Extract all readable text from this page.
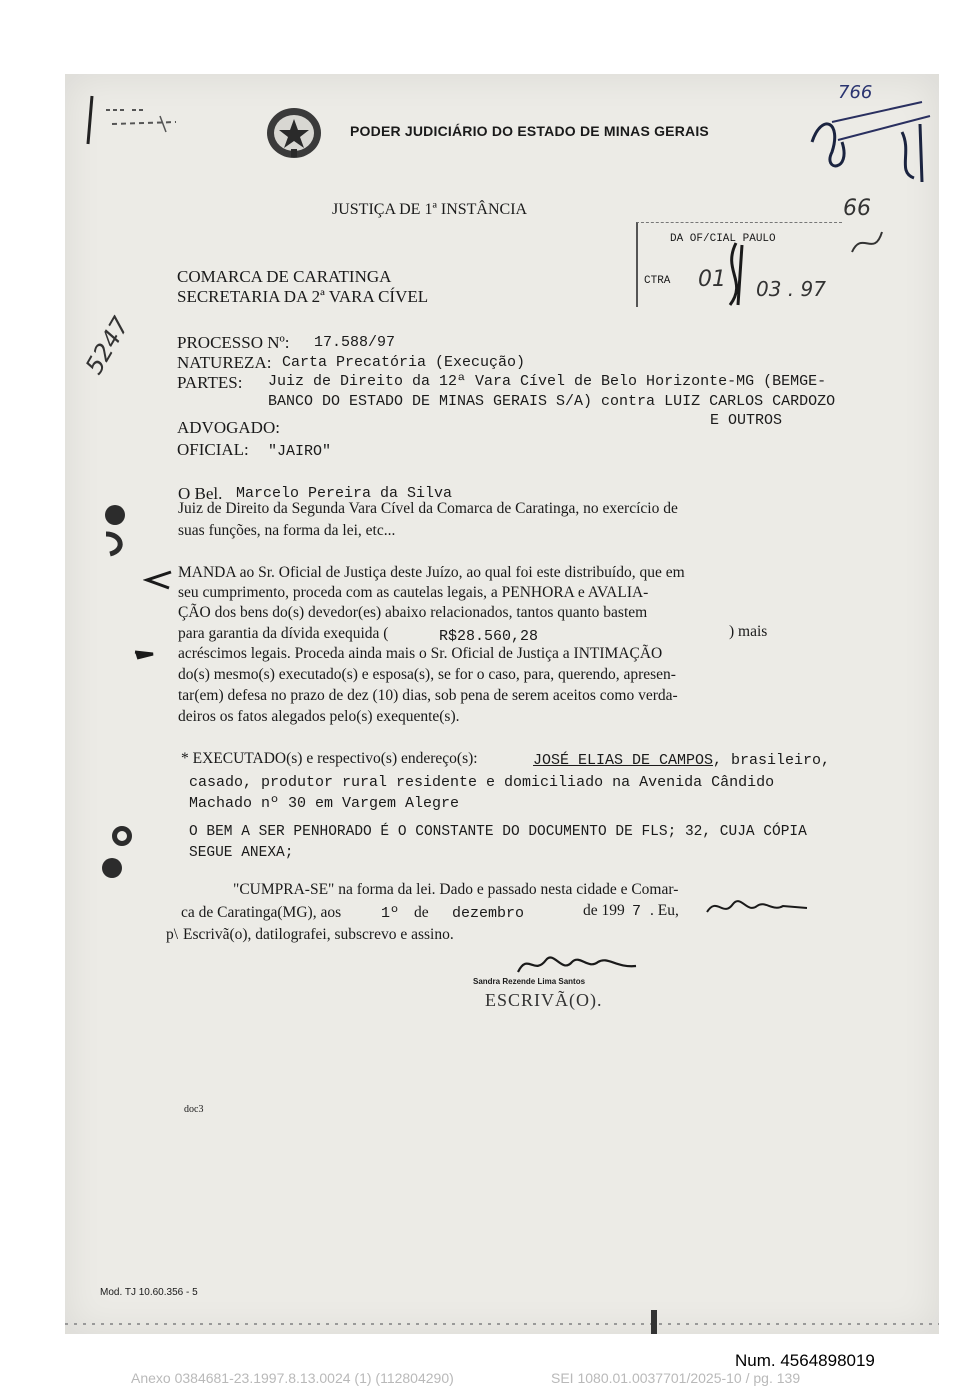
PODER JUDICIÁRIO DO ESTADO DE MINAS GERAIS
766
JUSTIÇA DE 1ª INSTÂNCIA
COMARCA DE CARATINGA
SECRETARIA DA 2ª VARA CÍVEL
DA OF/CIAL PAULO
CTRA 01 03 . 97
66
5247 PROCESSO Nº: 17.588/97
NATUREZA: Carta Precatória (Execução)
PARTES: Juiz de Direito da 12ª Vara Cível de Belo Horizonte-MG (BEMGE-
BANCO DO ESTADO DE MINAS GERAIS S/A) contra LUIZ CARLOS CARDOZO
E OUTROS
ADVOGADO:
OFICIAL: "JAIRO"
O Bel. Marcelo Pereira da Silva
Juiz de Direito da Segunda Vara Cível da Comarca de Caratinga, no exercício de
suas funções, na forma da lei, etc...
MANDA ao Sr. Oficial de Justiça deste Juízo, ao qual foi este distribuído, que em
seu cumprimento, proceda com as cautelas legais, a PENHORA e AVALIA-
ÇÃO dos bens do(s) devedor(es) abaixo relacionados, tantos quanto bastem
para garantia da dívida exequida (	R$28.560,28	) mais
acréscimos legais. Proceda ainda mais o Sr. Oficial de Justiça a INTIMAÇÃO
do(s) mesmo(s) executado(s) e esposa(s), se for o caso, para, querendo, apresen-
tar(em) defesa no prazo de dez (10) dias, sob pena de serem aceitos como verda-
deiros os fatos alegados pelo(s) exequente(s).
* EXECUTADO(s) e respectivo(s) endereço(s):	JOSÉ ELIAS DE CAMPOS , brasileiro,
casado, produtor rural residente e domiciliado na Avenida Cândido
Machado nº 30 em Vargem Alegre
O BEM A SER PENHORADO É O CONSTANTE DO DOCUMENTO DE FLS; 32, CUJA CÓPIA
SEGUE ANEXA;
"CUMPRA-SE" na forma da lei. Dado e passado nesta cidade e Comar-
ca de Caratinga(MG), aos	1º de dezembro	de 199 7 . Eu,
p\ Escrivã(o), datilografei, subscrevo e assino.
Sandra Rezende Lima Santos
ESCRIVÃ(O).
doc3
Mod. TJ 10.60.356 - 5
Num. 4564898019
Anexo 0384681-23.1997.8.13.0024 (1) (112804290)	SEI 1080.01.0037701/2025-10 / pg. 139
